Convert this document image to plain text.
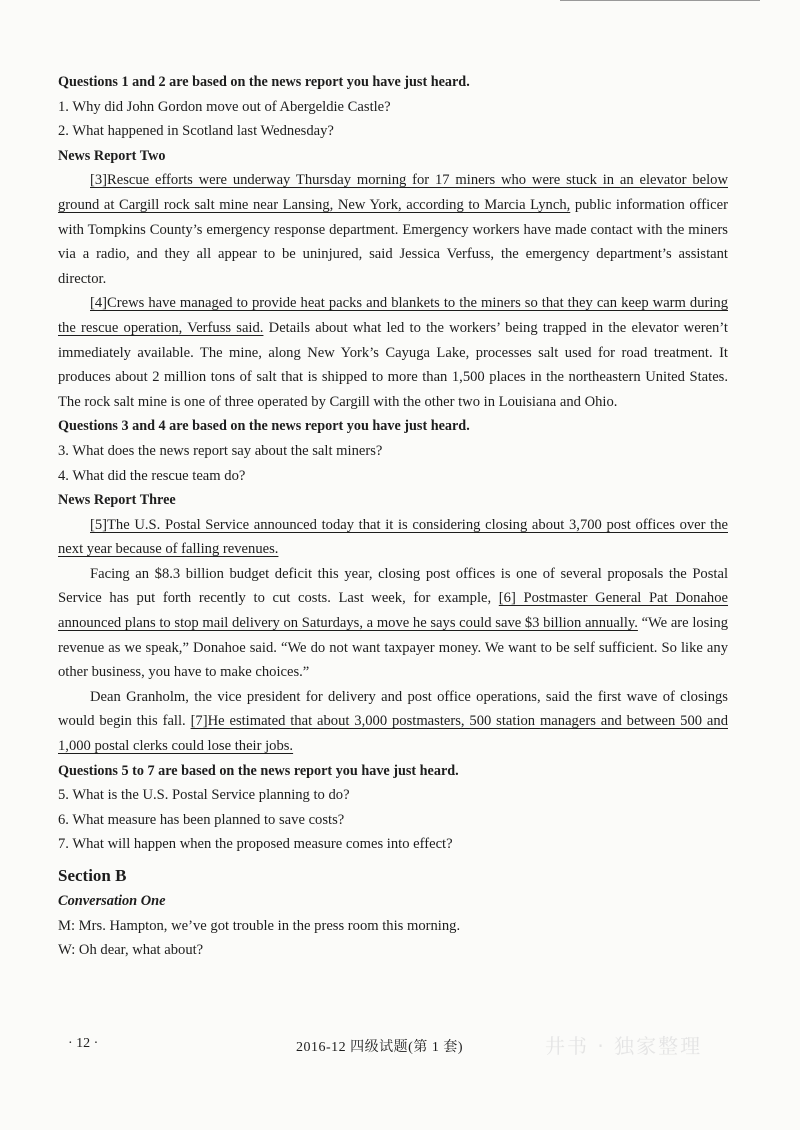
Questions 1 and 2 are based on the news report you have just heard.

1. Why did John Gordon move out of Abergeldie Castle?

2. What happened in Scotland last Wednesday?

News Report Two

[3]Rescue efforts were underway Thursday morning for 17 miners who were stuck in an elevator below ground at Cargill rock salt mine near Lansing, New York, according to Marcia Lynch, public information officer with Tompkins County’s emergency response department. Emergency workers have made contact with the miners via a radio, and they all appear to be uninjured, said Jessica Verfuss, the emergency department’s assistant director.

[4]Crews have managed to provide heat packs and blankets to the miners so that they can keep warm during the rescue operation, Verfuss said. Details about what led to the workers’ being trapped in the elevator weren’t immediately available. The mine, along New York’s Cayuga Lake, processes salt used for road treatment. It produces about 2 million tons of salt that is shipped to more than 1,500 places in the northeastern United States. The rock salt mine is one of three operated by Cargill with the other two in Louisiana and Ohio.

Questions 3 and 4 are based on the news report you have just heard.

3. What does the news report say about the salt miners?

4. What did the rescue team do?

News Report Three

[5]The U.S. Postal Service announced today that it is considering closing about 3,700 post offices over the next year because of falling revenues.

Facing an $8.3 billion budget deficit this year, closing post offices is one of several proposals the Postal Service has put forth recently to cut costs. Last week, for example, [6] Postmaster General Pat Donahoe announced plans to stop mail delivery on Saturdays, a move he says could save $3 billion annually. “We are losing revenue as we speak,” Donahoe said. “We do not want taxpayer money. We want to be self sufficient. So like any other business, you have to make choices.”

Dean Granholm, the vice president for delivery and post office operations, said the first wave of closings would begin this fall. [7]He estimated that about 3,000 postmasters, 500 station managers and between 500 and 1,000 postal clerks could lose their jobs.

Questions 5 to 7 are based on the news report you have just heard.

5. What is the U.S. Postal Service planning to do?

6. What measure has been planned to save costs?

7. What will happen when the proposed measure comes into effect?

Section B

Conversation One

M: Mrs. Hampton, we’ve got trouble in the press room this morning.

W: Oh dear, what about?

· 12 ·	2016-12 四级试题(第 1 套)	井书 · 独家整理
